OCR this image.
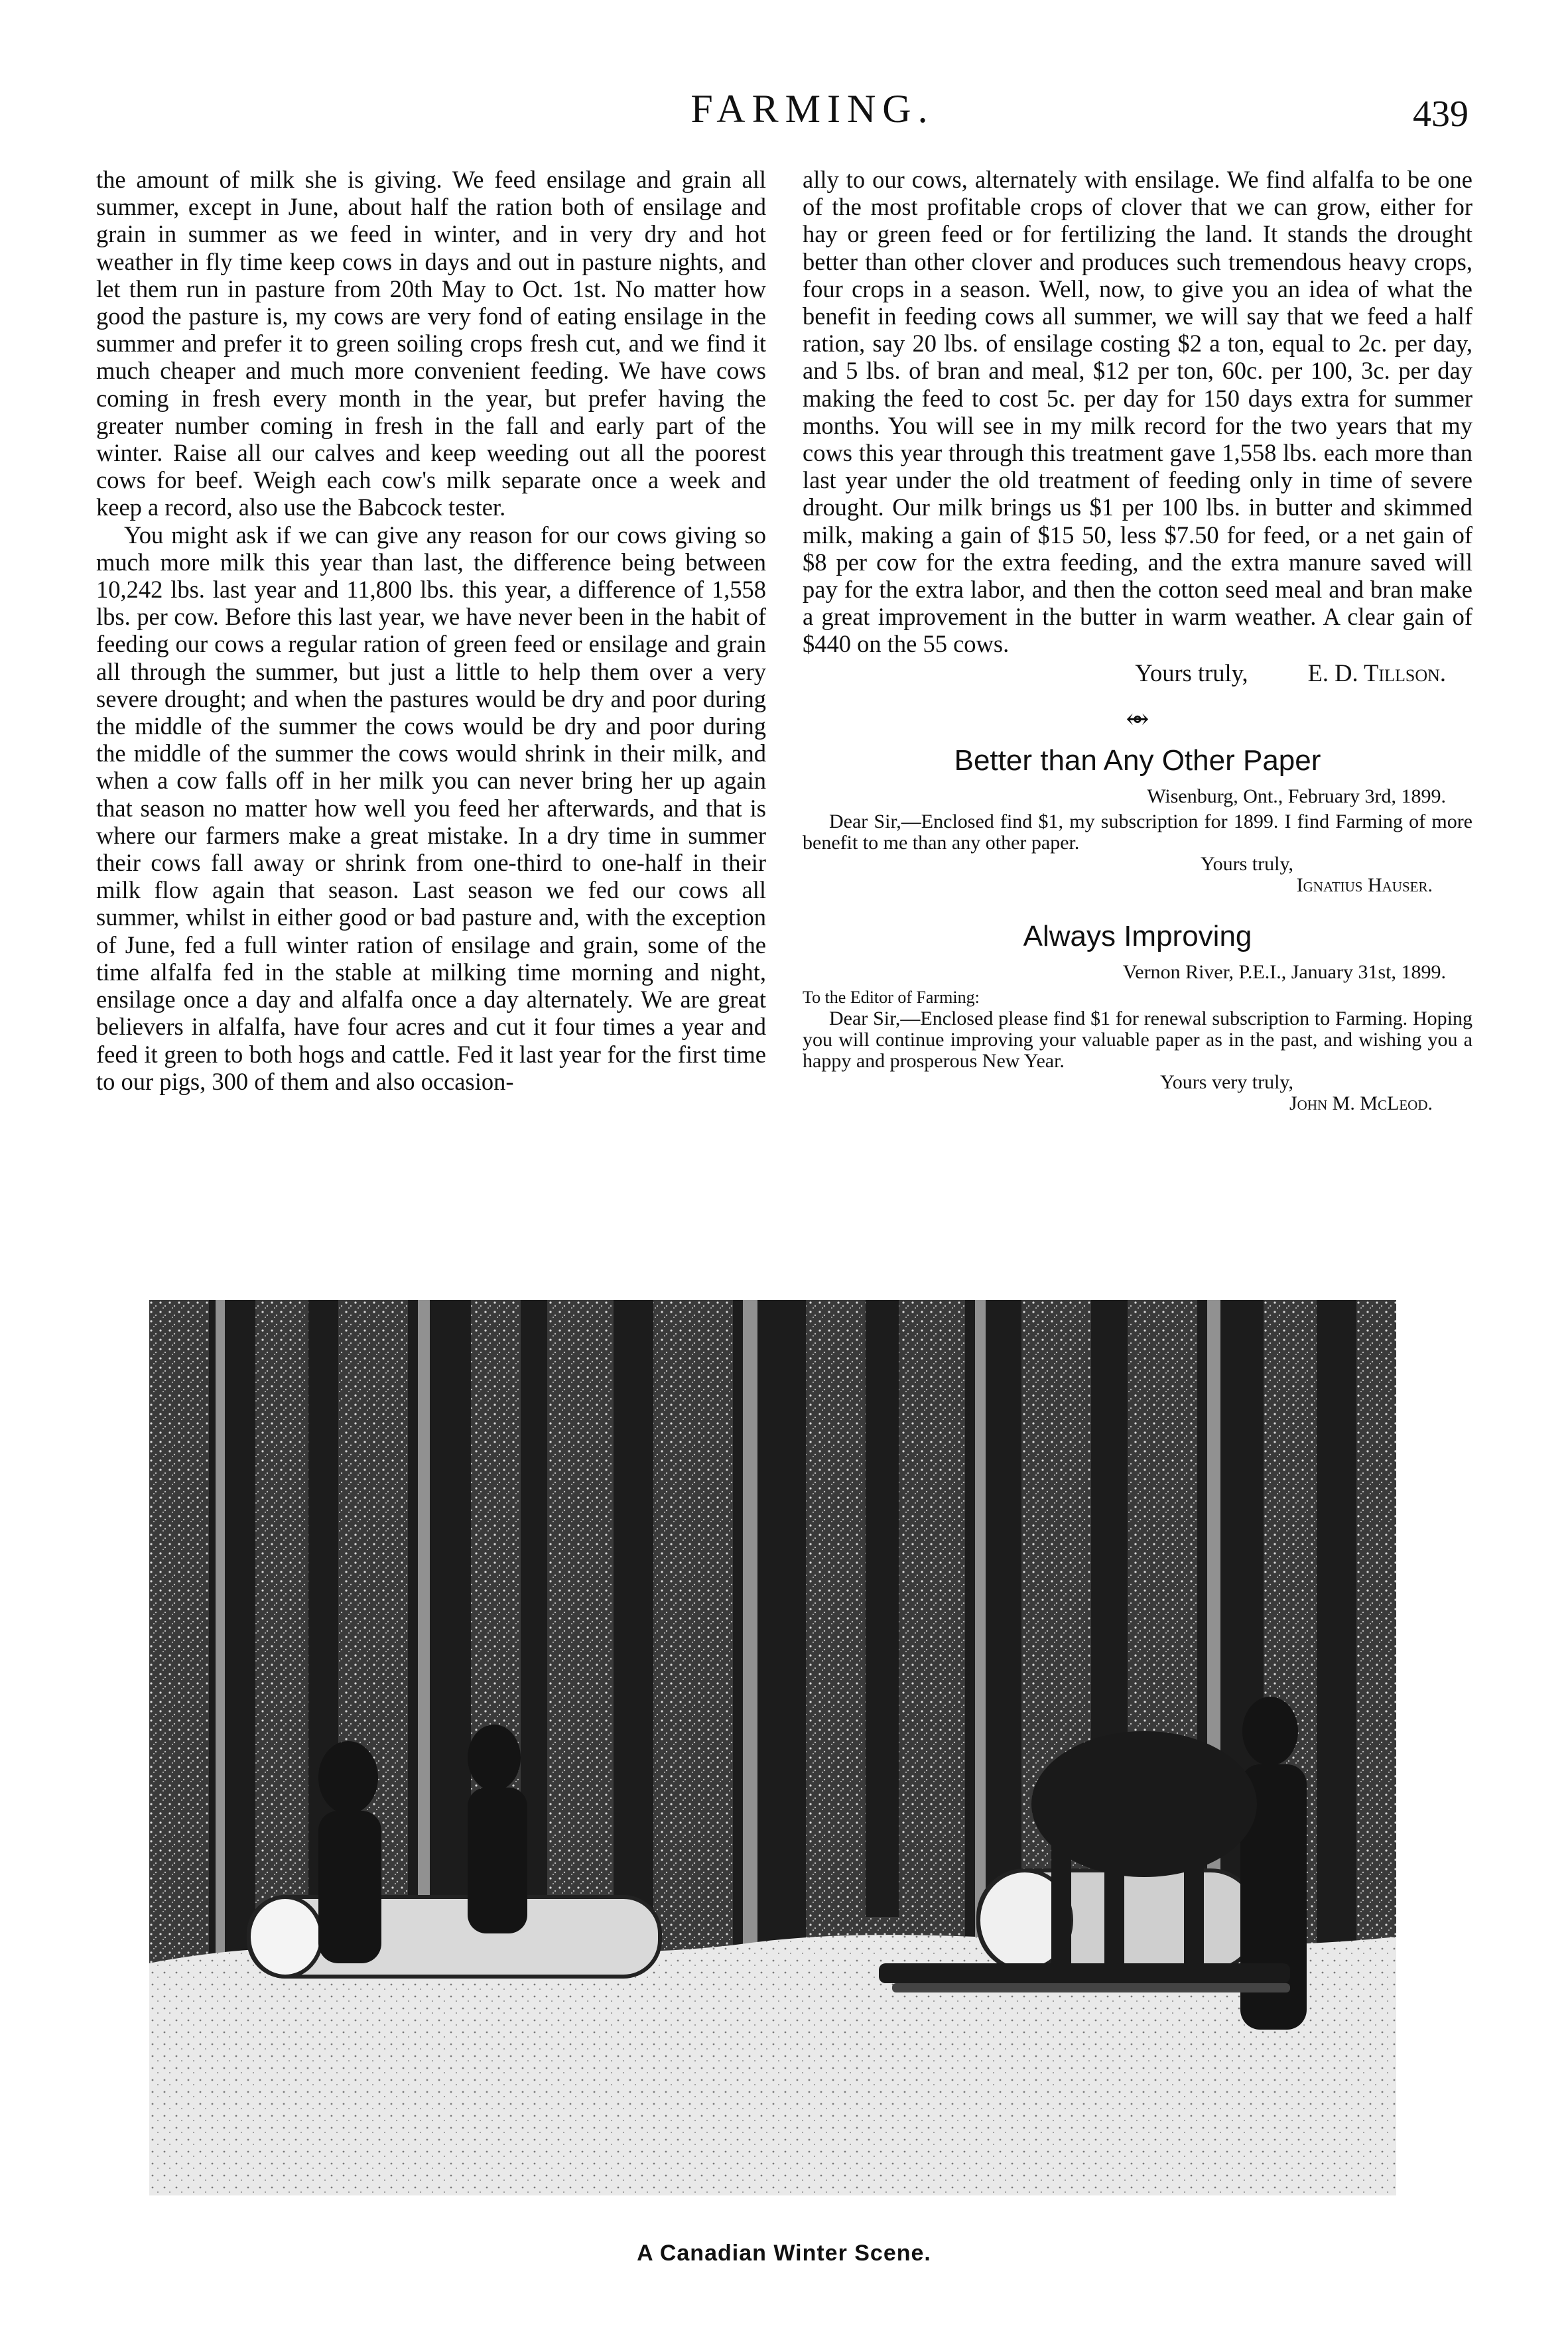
FARMING.	439

the amount of milk she is giving. We feed ensilage and grain all summer, except in June, about half the ration both of ensilage and grain in summer as we feed in winter, and in very dry and hot weather in fly time keep cows in days and out in pasture nights, and let them run in pasture from 20th May to Oct. 1st. No matter how good the pasture is, my cows are very fond of eating ensilage in the summer and prefer it to green soiling crops fresh cut, and we find it much cheaper and much more convenient feeding. We have cows coming in fresh every month in the year, but prefer having the greater number coming in fresh in the fall and early part of the winter. Raise all our calves and keep weeding out all the poorest cows for beef. Weigh each cow's milk separate once a week and keep a record, also use the Babcock tester.

You might ask if we can give any reason for our cows giving so much more milk this year than last, the difference being between 10,242 lbs. last year and 11,800 lbs. this year, a difference of 1,558 lbs. per cow. Before this last year, we have never been in the habit of feeding our cows a regular ration of green feed or ensilage and grain all through the summer, but just a little to help them over a very severe drought; and when the pastures would be dry and poor during the middle of the summer the cows would be dry and poor during the middle of the summer the cows would shrink in their milk, and when a cow falls off in her milk you can never bring her up again that season no matter how well you feed her afterwards, and that is where our farmers make a great mistake. In a dry time in summer their cows fall away or shrink from one-third to one-half in their milk flow again that season. Last season we fed our cows all summer, whilst in either good or bad pasture and, with the exception of June, fed a full winter ration of ensilage and grain, some of the time alfalfa fed in the stable at milking time morning and night, ensilage once a day and alfalfa once a day alternately. We are great believers in alfalfa, have four acres and cut it four times a year and feed it green to both hogs and cattle. Fed it last year for the first time to our pigs, 300 of them and also occasion-

ally to our cows, alternately with ensilage. We find alfalfa to be one of the most profitable crops of clover that we can grow, either for hay or green feed or for fertilizing the land. It stands the drought better than other clover and produces such tremendous heavy crops, four crops in a season. Well, now, to give you an idea of what the benefit in feeding cows all summer, we will say that we feed a half ration, say 20 lbs. of ensilage costing $2 a ton, equal to 2c. per day, and 5 lbs. of bran and meal, $12 per ton, 60c. per 100, 3c. per day making the feed to cost 5c. per day for 150 days extra for summer months. You will see in my milk record for the two years that my cows this year through this treatment gave 1,558 lbs. each more than last year under the old treatment of feeding only in time of severe drought. Our milk brings us $1 per 100 lbs. in butter and skimmed milk, making a gain of $15 50, less $7.50 for feed, or a net gain of $8 per cow for the extra feeding, and the extra manure saved will pay for the extra labor, and then the cotton seed meal and bran make a great improvement in the butter in warm weather. A clear gain of $440 on the 55 cows.

Yours truly, E. D. Tillson.
⥈
Better than Any Other Paper
Wisenburg, Ont., February 3rd, 1899.
Dear Sir,—Enclosed find $1, my subscription for 1899. I find Farming of more benefit to me than any other paper.
Yours truly,
Ignatius Hauser.
Always Improving
Vernon River, P.E.I., January 31st, 1899.
To the Editor of Farming:
Dear Sir,—Enclosed please find $1 for renewal subscription to Farming. Hoping you will continue improving your valuable paper as in the past, and wishing you a happy and prosperous New Year.
Yours very truly,
John M. McLeod.
A Canadian Winter Scene.
